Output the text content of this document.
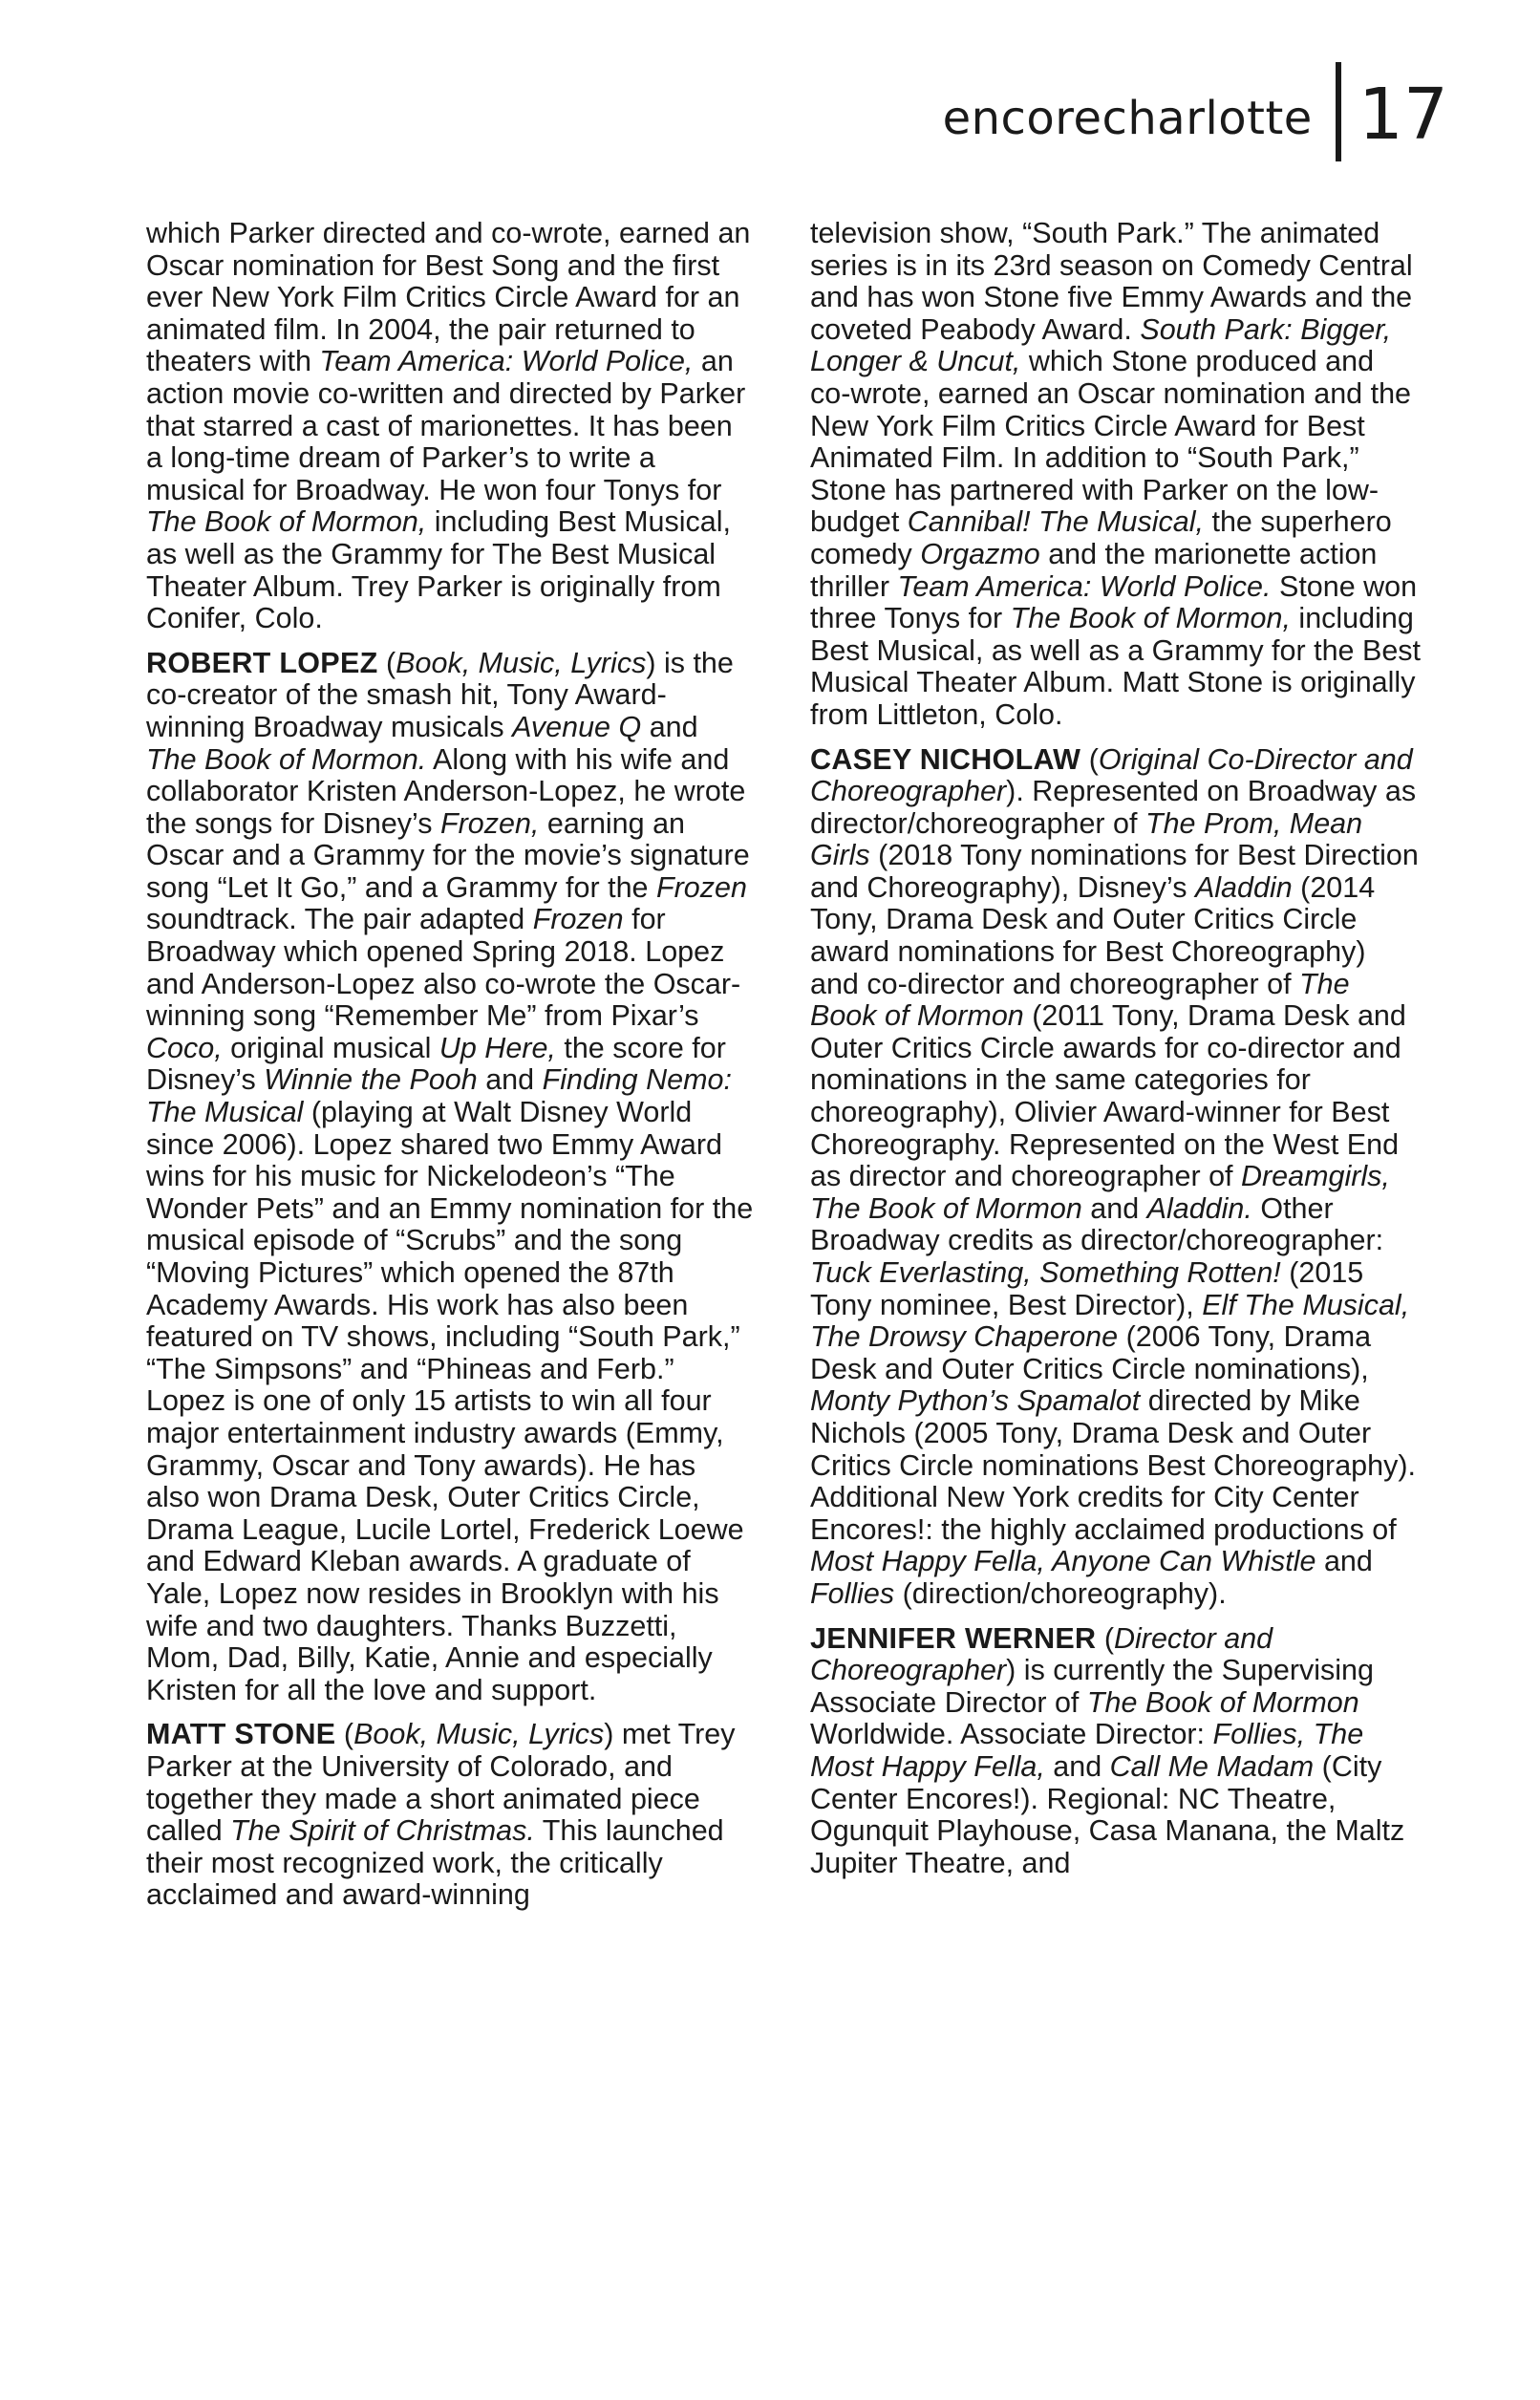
encorecharlotte 17

which Parker directed and co-wrote, earned an Oscar nomination for Best Song and the first ever New York Film Critics Circle Award for an animated film. In 2004, the pair returned to theaters with Team America: World Police, an action movie co-written and directed by Parker that starred a cast of marionettes. It has been a long-time dream of Parker’s to write a musical for Broadway. He won four Tonys for The Book of Mormon, including Best Musical, as well as the Grammy for The Best Musical Theater Album. Trey Parker is originally from Conifer, Colo.

ROBERT LOPEZ (Book, Music, Lyrics) is the co-creator of the smash hit, Tony Award-winning Broadway musicals Avenue Q and The Book of Mormon. Along with his wife and collaborator Kristen Anderson-Lopez, he wrote the songs for Disney’s Frozen, earning an Oscar and a Grammy for the movie’s signature song “Let It Go,” and a Grammy for the Frozen soundtrack. The pair adapted Frozen for Broadway which opened Spring 2018. Lopez and Anderson-Lopez also co-wrote the Oscar-winning song “Remember Me” from Pixar’s Coco, original musical Up Here, the score for Disney’s Winnie the Pooh and Finding Nemo: The Musical (playing at Walt Disney World since 2006). Lopez shared two Emmy Award wins for his music for Nickelodeon’s “The Wonder Pets” and an Emmy nomination for the musical episode of “Scrubs” and the song “Moving Pictures” which opened the 87th Academy Awards. His work has also been featured on TV shows, including “South Park,” “The Simpsons” and “Phineas and Ferb.” Lopez is one of only 15 artists to win all four major entertainment industry awards (Emmy, Grammy, Oscar and Tony awards). He has also won Drama Desk, Outer Critics Circle, Drama League, Lucile Lortel, Frederick Loewe and Edward Kleban awards. A graduate of Yale, Lopez now resides in Brooklyn with his wife and two daughters. Thanks Buzzetti, Mom, Dad, Billy, Katie, Annie and especially Kristen for all the love and support.

MATT STONE (Book, Music, Lyrics) met Trey Parker at the University of Colorado, and together they made a short animated piece called The Spirit of Christmas. This launched their most recognized work, the critically acclaimed and award-winning

television show, “South Park.” The animated series is in its 23rd season on Comedy Central and has won Stone five Emmy Awards and the coveted Peabody Award. South Park: Bigger, Longer & Uncut, which Stone produced and co-wrote, earned an Oscar nomination and the New York Film Critics Circle Award for Best Animated Film. In addition to “South Park,” Stone has partnered with Parker on the low-budget Cannibal! The Musical, the superhero comedy Orgazmo and the marionette action thriller Team America: World Police. Stone won three Tonys for The Book of Mormon, including Best Musical, as well as a Grammy for the Best Musical Theater Album. Matt Stone is originally from Littleton, Colo.

CASEY NICHOLAW (Original Co-Director and Choreographer). Represented on Broadway as director/choreographer of The Prom, Mean Girls (2018 Tony nominations for Best Direction and Choreography), Disney’s Aladdin (2014 Tony, Drama Desk and Outer Critics Circle award nominations for Best Choreography) and co-director and choreographer of The Book of Mormon (2011 Tony, Drama Desk and Outer Critics Circle awards for co-director and nominations in the same categories for choreography), Olivier Award-winner for Best Choreography. Represented on the West End as director and choreographer of Dreamgirls, The Book of Mormon and Aladdin. Other Broadway credits as director/choreographer: Tuck Everlasting, Something Rotten! (2015 Tony nominee, Best Director), Elf The Musical, The Drowsy Chaperone (2006 Tony, Drama Desk and Outer Critics Circle nominations), Monty Python’s Spamalot directed by Mike Nichols (2005 Tony, Drama Desk and Outer Critics Circle nominations Best Choreography). Additional New York credits for City Center Encores!: the highly acclaimed productions of Most Happy Fella, Anyone Can Whistle and Follies (direction/choreography).

JENNIFER WERNER (Director and Choreographer) is currently the Supervising Associate Director of The Book of Mormon Worldwide. Associate Director: Follies, The Most Happy Fella, and Call Me Madam (City Center Encores!). Regional: NC Theatre, Ogunquit Playhouse, Casa Manana, the Maltz Jupiter Theatre, and
